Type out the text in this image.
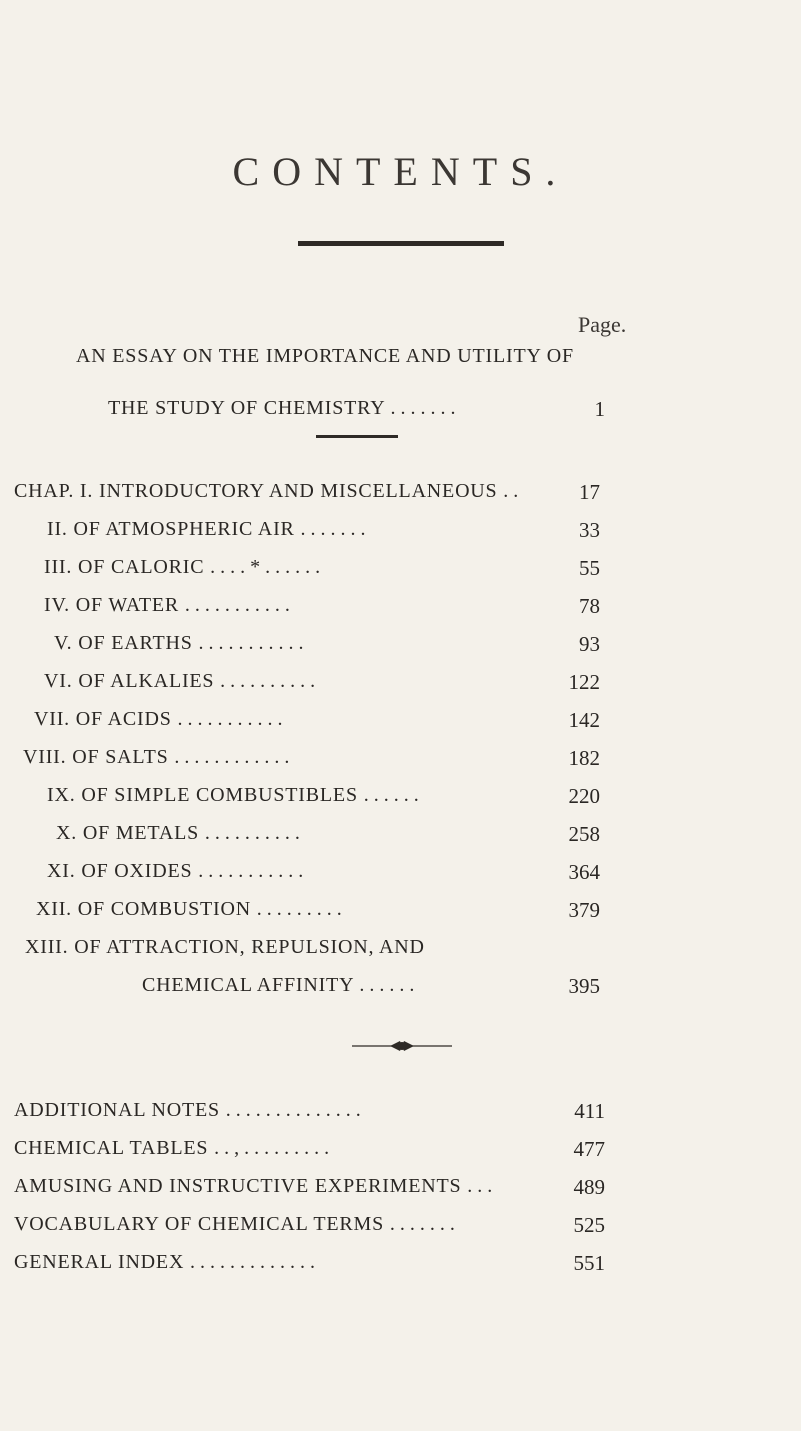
CONTENTS.
Page.
AN ESSAY ON THE IMPORTANCE AND UTILITY OF
THE STUDY OF CHEMISTRY .......	1
CHAP. I. INTRODUCTORY AND MISCELLANEOUS ..	17
II. OF ATMOSPHERIC AIR .......	33
III. OF CALORIC ....*......	55
IV. OF WATER ...........	78
V. OF EARTHS ...........	93
VI. OF ALKALIES ..........	122
VII. OF ACIDS ...........	142
VIII. OF SALTS ............	182
IX. OF SIMPLE COMBUSTIBLES ......	220
X. OF METALS ..........	258
XI. OF OXIDES ...........	364
XII. OF COMBUSTION .........	379
XIII. OF ATTRACTION, REPULSION, AND
CHEMICAL AFFINITY ......	395
ADDITIONAL NOTES ..............	411
CHEMICAL TABLES ..,.........	477
AMUSING AND INSTRUCTIVE EXPERIMENTS ...	489
VOCABULARY OF CHEMICAL TERMS .......	525
GENERAL INDEX .............	551
